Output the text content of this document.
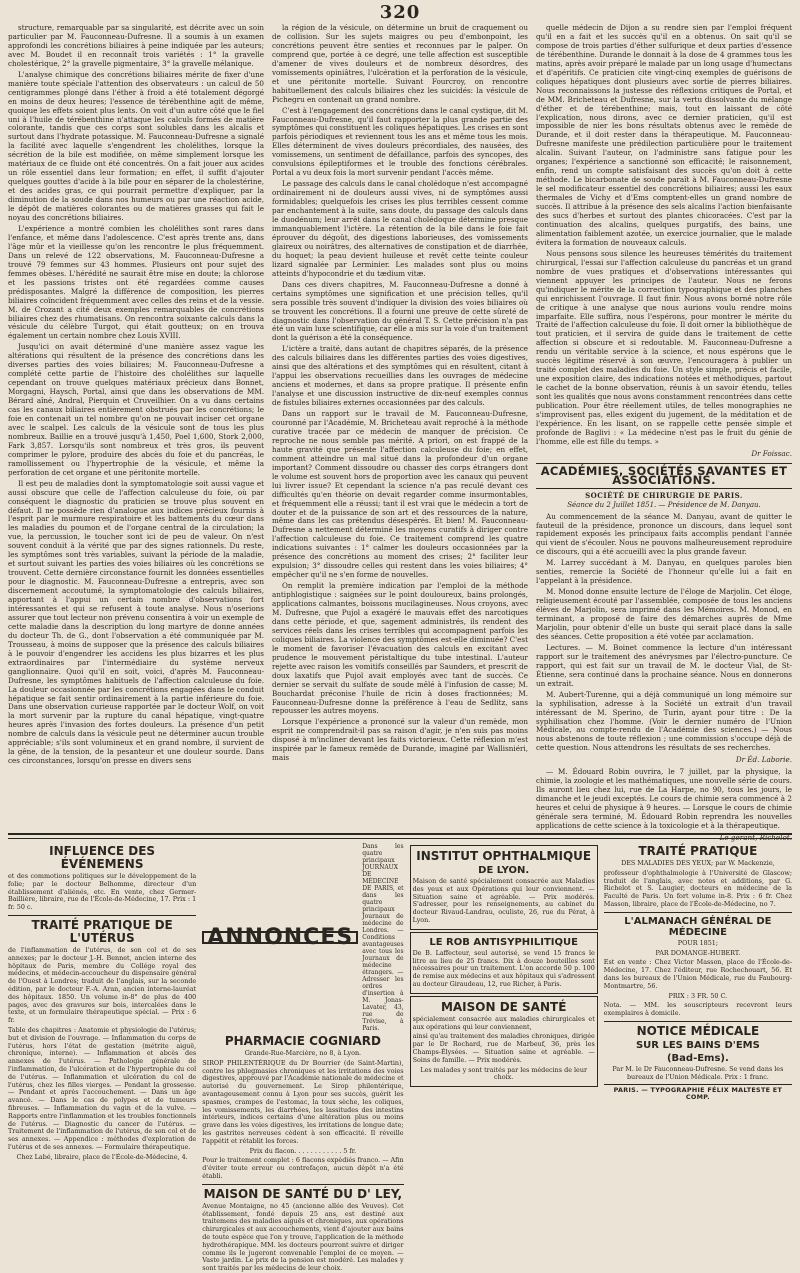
320

structure, remarquable par sa singularité, est décrite avec un soin particulier par M. Fauconneau-Dufresne. Il a soumis à un examen approfondi les concrétions biliaires à peine indiquée par les auteurs; avec M. Boudet il en reconnaît trois variétés : 1° la gravelle cholestérique, 2° la gravelle pigmentaire, 3° la gravelle mélanique.

L'analyse chimique des concrétions biliaires mérite de fixer d'une manière toute spéciale l'attention des observateurs : un calcul de 50 centigrammes plongé dans l'éther à froid a été totalement dégorgé en moins de deux heures; l'essence de térébenthine agit de même, quoique les effets soient plus lents. On voit d'un autre côté que le fiel uni à l'huile de térébenthine n'attaque les calculs formés de matière colorante, tandis que ces corps sont solubles dans les alcalis et surtout dans l'hydrate potassique. M. Fauconneau-Dufresne a signalé la facilité avec laquelle s'engendrent les cholélithes, lorsque la sécrétion de la bile est modifiée, on même simplement lorsque les matériaux de ce fluide ont été concentrés. On a fait jouer aux acides un rôle essentiel dans leur formation; en effet, il suffit d'ajouter quelques gouttes d'acide à la bile pour en séparer de la cholestérine, et des acides gras, ce qui pourrait permettre d'expliquer, par la diminution de la soude dans nos humeurs ou par une réaction acide, le dépôt de matières colorantes ou de matières grasses qui fait le noyau des concrétions biliaires.

L'expérience a montré combien les cholélithes sont rares dans l'enfance, et même dans l'adolescence. C'est après trente ans, dans l'âge mûr et la vieillesse qu'on les rencontre le plus fréquemment. Dans un relevé de 122 observations, M. Fauconneau-Dufresne a trouvé 79 femmes sur 43 hommes. Plusieurs ont pour sujet des femmes obèses. L'hérédité ne saurait être mise en doute; la chlorose et les passions tristes ont été regardées comme causes prédisposantes. Malgré la différence de composition, les pierres biliaires coïncident fréquemment avec celles des reins et de la vessie. M. de Crozant a cité deux exemples remarquables de concrétions biliaires chez des rhumatisans. On rencontra soixante calculs dans la vésicule du célèbre Turgot, qui était goutteux; on en trouva également un certain nombre chez Louis XVIII.

Jusqu'ici on avait déterminé d'une manière assez vague les altérations qui résultent de la présence des concrétions dans les diverses parties des voies biliaires; M. Fauconneau-Dufresne a complété cette partie de l'histoire des cholélithes sur laquelle cependant on trouve quelques matériaux précieux dans Bonnet, Morgagni, Haysch, Portal, ainsi que dans les observations de MM. Bérard aîné, Andral, Pierquin et Cruveilhier. On a vu dans certains cas les canaux biliaires entièrement obstrués par les concrétions; le foie en contenait un tel nombre qu'on ne pouvait inciser cet organe avec le scalpel. Les calculs de la vésicule sont de tous les plus nombreux. Baillie en a trouvé jusqu'à 1,450, Poel 1,600, Stork 2,000, Fark 3,857. Lorsqu'ils sont nombreux et très gros, ils peuvent comprimer le pylore, produire des abcès du foie et du pancréas, le ramollissement ou l'hypertrophie de la vésicule, et même la perforation de cet organe et une péritonite mortelle.

Il est peu de maladies dont la symptomatologie soit aussi vague et aussi obscure que celle de l'affection calculeuse du foie, où par conséquent le diagnostic du praticien se trouve plus souvent en défaut. Il ne possède rien d'analogue aux indices précieux fournis à l'esprit par le murmure respiratoire et les battements du cœur dans les maladies du poumon et de l'organe central de la circulation; la vue, la percussion, le toucher sont ici de peu de valeur. On n'est souvent conduit à la vérité que par des signes rationnels. Du reste, les symptômes sont très variables, suivant la période de la maladie, et surtout suivant les parties des voies biliaires où les concrétions se trouvent. Cette dernière circonstance fournit les données essentielles pour le diagnostic. M. Fauconneau-Dufresne a entrepris, avec son discernement accoutumé, la symptomatologie des calculs biliaires, apportant à l'appui un certain nombre d'observations fort intéressantes et qui se refusent à toute analyse. Nous n'oserions assurer que tout lecteur non prévenu consentira à voir un exemple de cette maladie dans la description du long martyre de donne années du docteur Th. de G., dont l'observation a été communiquée par M. Trousseau, à moins de supposer que la présence des calculs biliaires à le pouvoir d'engendrer les accidens les plus bizarres et les plus extraordinaires par l'intermédiaire du système nerveux ganglionnaire. Quoi qu'il en soit, voici, d'après M. Fauconneau-Dufresne, les symptômes habituels de l'affection calculeuse du foie. La douleur occasionnée par les concrétions engagées dans le conduit hépatique se fait sentir ordinairement à la partie inférieure du foie. Dans une observation curieuse rapportée par le docteur Wolf, on voit la mort survenir par la rupture du canal hépatique, vingt-quatre heures après l'invasion des fortes douleurs. La présence d'un petit nombre de calculs dans la vésicule peut ne déterminer aucun trouble appréciable; s'ils sont volumineux et en grand nombre, il survient de la gêne, de la tension, de la pesanteur et une douleur sourde. Dans ces circonstances, lorsqu'on presse en divers sens

la région de la vésicule, on détermine un bruit de craquement ou de collision. Sur les sujets maigres ou peu d'embonpoint, les concrétions peuvent être senties et reconnues par le palper. On comprend que, portée à ce degré, une telle affection est susceptible d'amener de vives douleurs et de nombreux désordres, des vomissements opiniâtres, l'ulcération et la perforation de la vésicule, et une péritonite mortelle. Suivant Fourcroy, on rencontre habituellement des calculs biliaires chez les suicidés: la vésicule de Pichegru en contenait un grand nombre.

C'est à l'engagement des concrétions dans le canal cystique, dit M. Fauconneau-Dufresne, qu'il faut rapporter la plus grande partie des symptômes qui constituent les coliques hépatiques. Les crises en sont parfois périodiques et reviennent tous les ans et même tous les mois. Elles déterminent de vives douleurs précordiales, des nausées, des vomissemens, un sentiment de défaillance, parfois des syncopes, des convulsions épileptiformes et le trouble des fonctions cérébrales. Portal a vu deux fois la mort survenir pendant l'accès même.

Le passage des calculs dans le canal cholédoque n'est accompagné ordinairement ni de douleurs aussi vives, ni de symptômes aussi formidables; quelquefois les crises les plus terribles cessent comme par enchantement à la suite, sans doute, du passage des calculs dans le duodénum; leur arrêt dans le canal cholédoque détermine presque immanquablement l'ictère. La rétention de la bile dans le foie fait éprouver du dégoût, des digestions laborieuses, des vomissements glaireux ou noirâtres, des alternatives de constipation et de diarrhée, du hoquet; la peau devient huileuse et revêt cette teinte couleur lizard signalée par Lerminier. Les malades sont plus ou moins atteints d'hypocondrie et du tædium vitæ.

Dans ces divers chapitres, M. Fauconneau-Dufresne a donné à certains symptômes une signification et une précision telles, qu'il sera possible très souvent d'indiquer la division des voies biliaires où se trouvent les concrétions. Il a fourni une preuve de cette sûreté de diagnostic dans l'observation du général T. S. Cette précision n'a pas été un vain luxe scientifique, car elle a mis sur la voie d'un traitement dont la guérison a été la conséquence.

L'ictère a traité, dans autant de chapitres séparés, de la présence des calculs biliaires dans les différentes parties des voies digestives, ainsi que des altérations et des symptômes qui en résultent, citant à l'appui les observations recueillies dans les ouvrages de médecine anciens et modernes, et dans sa propre pratique. Il présente enfin l'analyse et une discussion instructive de dix-neuf exemples connus de fistules biliaires externes occasionnées par des calculs.

Dans un rapport sur le travail de M. Fauconneau-Dufresne, couronné par l'Académie, M. Bricheteau avait reproché à la méthode curative tracée par ce médecin de manquer de précision. Ce reproche ne nous semble pas mérité. A priori, on est frappé de la haute gravité que présente l'affection calculeuse du foie; en effet, comment atteindre un mal situé dans la profondeur d'un organe important? Comment dissoudre ou chasser des corps étrangers dont le volume est souvent hors de proportion avec les canaux qui peuvent lui livrer issue? Et cependant la science n'a pas reculé devant ces difficultés qu'en théorie on devait regarder comme insurmontables, et fréquemment elle a réussi; tant il est vrai que le médecin a tort de douter et de la puissance de son art et des ressources de la nature, même dans les cas prétendus désespérés. Et bien! M. Fauconneau-Dufresne a nettement déterminé les moyens curatifs à diriger contre l'affection calculeuse du foie. Ce traitement comprend les quatre indications suivantes : 1° calmer les douleurs occasionnées par la présence des concrétions au moment des crises; 2° faciliter leur expulsion; 3° dissoudre celles qui restent dans les voies biliaires; 4° empêcher qu'il ne s'en forme de nouvelles.

On remplit la première indication par l'emploi de la méthode antiphlogistique : saignées sur le point douloureux, bains prolongés, applications calmantes, boissons mucilagineuses. Nous croyons, avec M. Dufresne, que Pujol a exagéré le mauvais effet des narcotiques dans cette période, et que, sagement administrés, ils rendent des services réels dans les crises terribles qui accompagnent parfois les coliques biliaires. La violence des symptômes est-elle diminuée? C'est le moment de favoriser l'évacuation des calculs en excitant avec prudence le mouvement péristaltique du tube intestinal. L'auteur rejette avec raison les vomitifs conseillés par Saunders, et prescrit de doux laxatifs que Pujol avait employés avec tant de succès. Ce dernier se servait du sulfate de soude mêlé à l'infusion de casse; M. Bouchardat préconise l'huile de ricin à doses fractionnées; M. Fauconneau-Dufresne donne la préférence à l'eau de Sedlitz, sans repousser les autres moyens.

Lorsque l'expérience a prononcé sur la valeur d'un remède, mon esprit ne comprendrait-il pas sa raison d'agir, je n'en suis pas moins disposé à m'incliner devant les faits victorieux. Cette réflexion m'est inspirée par le fameux remède de Durande, imaginé par Wallisniéri, mais

quelle médecin de Dijon a su rendre sien par l'emploi fréquent qu'il en a fait et les succès qu'il en a obtenus. On sait qu'il se compose de trois parties d'éther sulfurique et deux parties d'essence de térébenthine. Durande le donnait à la dose de 4 grammes tous les matins, après avoir préparé le malade par un long usage d'humectans et d'apéritifs. Ce praticien cite vingt-cinq exemples de guérisons de coliques hépatiques dont plusieurs avec sortie de pierres biliaires. Nous reconnaissons la justesse des réflexions critiques de Portal, et de MM. Bricheteau et Dufresne, sur la vertu dissolvante du mélange d'éther et de térébenthine; mais, tout en laissant de côté l'explication, nous dirons, avec ce dernier praticien, qu'il est impossible de nier les bons résultats obtenus avec le remède de Durande, et il doit rester dans la thérapeutique. M. Fauconneau-Dufresne manifeste une prédilection particulière pour le traitement alcalin. Suivant l'auteur, on l'administre sans fatigue pour les organes; l'expérience a sanctionné son efficacité; le raisonnement, enfin, rend un compte satisfaisant des succès qu'on doit à cette méthode. Le bicarbonate de soude paraît à M. Fauconneau-Dufresne le sel modificateur essentiel des concrétions biliaires; aussi les eaux thermales de Vichy et d'Ems comptent-elles un grand nombre de succès. Il attribue à la présence des sels alcalins l'action bienfaisante des sucs d'herbes et surtout des plantes chicoracées. C'est par la continuation des alcalins, quelques purgatifs, des bains, une alimentation faiblement azotée, un exercice journalier, que le malade évitera la formation de nouveaux calculs.

Nous pensons sous silence les heureuses témérités du traitement chirurgical, l'essai sur l'affection calculeuse du pancréas et un grand nombre de vues pratiques et d'observations intéressantes qui viennent appuyer les principes de l'auteur. Nous ne ferons qu'indiquer le mérite de la correction typographique et des planches qui enrichissent l'ouvrage. Il faut finir. Nous avons borné notre rôle de critique à une analyse que nous aurions voulu rendre moins imparfaite. Elle suffira, nous l'espérons, pour montrer le mérite du Traité de l'affection calculeuse du foie. Il doit orner la bibliothèque de tout praticien, et il servira de guide dans le traitement de cette affection si obscure et si redoutable. M. Fauconneau-Dufresne a rendu un véritable service à la science, et nous espérons que le succès légitime réservé à son œuvre, l'encouragera à publier un traité complet des maladies du foie. Un style simple, précis et facile, une exposition claire, des indications notées et méthodiques, partout le cachet de la bonne observation, réunis à un savoir étendu, telles sont les qualités que nous avons constamment rencontrées dans cette publication. Pour être réellement utiles, de telles monographies ne s'improvisent pas, elles exigent du jugement, de la méditation et de l'expérience. En les lisant, on se rappelle cette pensée simple et profonde de Baglivi : « La médecine n'est pas le fruit du génie de l'homme, elle est fille du temps. »

Dr Foissac.

ACADÉMIES, SOCIÉTÉS SAVANTES ET ASSOCIATIONS.
SOCIÉTÉ DE CHIRURGIE DE PARIS.
Séance du 2 Juillet 1851. — Présidence de M. Danyau.

Au commencement de la séance M. Danyau, avant de quitter le fauteuil de la présidence, prononce un discours, dans lequel sont rapidement exposés les principaux faits accomplis pendant l'année qui vient de s'écouler. Nous ne pouvons malheureusement reproduire ce discours, qui a été accueilli avec la plus grande faveur.

M. Larrey succédant à M. Danyau, en quelques paroles bien senties, remercie la Société de l'honneur qu'elle lui a fait en l'appelant à la présidence.

M. Monod donne ensuite lecture de l'éloge de Marjolin. Cet éloge, religieusement écouté par l'assemblée, composée de tous les anciens élèves de Marjolin, sera imprimé dans les Mémoires. M. Monod, en terminant, a proposé de faire des démarches auprès de Mme Marjolin, pour obtenir d'elle un buste qui serait placé dans la salle des séances. Cette proposition a été votée par acclamation.

Lectures. — M. Boinet commence la lecture d'un intéressant rapport sur le traitement des anévrysmes par l'électro-puncture. Ce rapport, qui est fait sur un travail de M. le docteur Vial, de St-Étienne, sera continué dans la prochaine séance. Nous en donnerons un extrait.

M. Aubert-Turenne, qui a déjà communiqué un long mémoire sur la syphilisation, adresse à la Société un extrait d'un travail intéressant de M. Sperino, de Turin, ayant pour titre : De la syphilisation chez l'homme. (Voir le dernier numéro de l'Union Médicale, au compte-rendu de l'Académie des sciences.) — Nous nous abstenons de toute réflexion ; une commission s'occupe déjà de cette question. Nous attendrons les résultats de ses recherches.

Dr Éd. Laborie.

— M. Édouard Robin ouvrira, le 7 juillet, par la physique, la chimie, la zoologie et les mathématiques, une nouvelle série de cours. Ils auront lieu chez lui, rue de La Harpe, no 90, tous les jours, le dimanche et le jeudi exceptés. Le cours de chimie sera commencé à 2 heures et celui de physique à 9 heures. — Lorsque le cours de chimie générale sera terminé, M. Édouard Robin reprendra les nouvelles applications de cette science à la toxicologie et à la thérapeutique.

Le gérant, Richelot.

INFLUENCE DES ÉVÉNEMENS

et des commotions politiques sur le développement de la folie; par le docteur Belhomme, directeur d'un établissement d'aliénés, etc. En vente, chez Germer-Baillière, libraire, rue de l'École-de-Médecine, 17. Prix : 1 fr. 50 c.

TRAITÉ PRATIQUE DE L'UTÉRUS

de l'inflammation de l'utérus, de son col et de ses annexes; par le docteur J.-H. Bennet, ancien interne des hôpitaux de Paris, membre du Collége royal des médecins, et médecin-accoucheur du dispensaire général de l'Ouest à Londres; traduit de l'anglais, sur la seconde édition, par le docteur F.-A. Aran, ancien interne-lauréat des hôpitaux. 1850. Un volume in-8° de plus de 400 pages, avec des gravures sur bois, intercalées dans le texte, et un formulaire thérapeutique spécial. — Prix : 6 fr.

Table des chapitres : Anatomie et physiologie de l'utérus; but et division de l'ouvrage. — Inflammation du corps de l'utérus, hors l'état de gestation (métrite aiguë, chronique, interne). — Inflammation et abcès des annexes de l'utérus. — Pathologie générale de l'inflammation, de l'ulcération et de l'hypertrophie du col de l'utérus. — Inflammation et ulcération du col de l'utérus, chez les filles vierges. — Pendant la grossesse. — Pendant et après l'accouchement. — Dans un âge avancé. — Dans le cas de polypes et de tumeurs fibreuses. — Inflammation du vagin et de la vulve. — Rapports entre l'inflammation et les troubles fonctionnels de l'utérus. — Diagnostic du cancer de l'utérus. — Traitement de l'inflammation de l'utérus, de son col et de ses annexes. — Appendice : méthodes d'exploration de l'utérus et de ses annexes. — Formulaire thérapeutique.

Chez Labé, libraire, place de l'École-de-Médecine, 4.

ANNONCES
Dans les quatre principaux JOURNAUX DE MÉDECINE DE PARIS, et dans les quatre principaux Journaux de médecine de Londres. — Conditions avantageuses avec tous les Journaux de médecine étrangers. — Adresser les ordres d'insertion à M. Jonas-Lavater, 43, rue de Trévise, à Paris.
PHARMACIE COGNIARD

Grande-Rue-Marcière, no 8, à Lyon.

SIROP PHILENTÉRIQUE du Dr Bourrier (de Saint-Martin), contre les phlegmasies chroniques et les irritations des voies digestives, approuvé par l'Académie nationale de médecine et autorisé du gouvernement. Le Sirop philentérique, avantageusement connu à Lyon pour ses succès, guérit les spasmes, crampes de l'estomac, la toux sèche, les coliques, les vomissements, les diarrhées, les lassitudes des intestins intérieurs, indices certains d'une altération plus ou moins grave dans les voies digestives, les irritations de longue date; les gastrites nerveuses cèdent à son efficacité. Il réveille l'appétit et rétablit les forces.

Prix du flacon. . . . . . . . . . . . 5 fr.

Pour le traitement complet : 6 flacons expédiés franco. — Afin d'éviter toute erreur ou contrefaçon, aucun dépôt n'a été établi.

MAISON DE SANTÉ DU D' LEY,

Avenue Montaigne, no 45 (ancienne allée des Veuves). Cet établissement, fondé depuis 25 ans, est destiné aux traitemens des maladies aiguës et chroniques, aux opérations chirurgicales et aux accouchements, vient d'ajouter aux bains de toute espèce que l'on y trouve, l'application de la méthode hydrothérapique. MM. les docteurs pourront suivre et diriger comme ils le jugeront convenable l'emploi de ce moyen. — Vaste jardin. Le prix de la pension est modéré. Les malades y sont traités par les médecins de leur choix.

INSTITUT OPHTHALMIQUE
DE LYON.

Maison de santé spécialement consacrée aux Maladies des yeux et aux Opérations qui leur conviennent. — Situation saine et agréable. — Prix modérés. S'adresser, pour les renseignements, au cabinet du docteur Rivaud-Landrau, oculiste, 26, rue du Pérat, à Lyon.

LE ROB ANTISYPHILITIQUE

De B. Laffecteur, seul autorisé, se vend 15 francs le litre au lieu de 25 francs. Dix à douze bouteilles sont nécessaires pour un traitement. L'on accorde 50 p. 100 de remise aux médecins et aux hôpitaux qui s'adressent au docteur Giraudeau, 12, rue Richer, à Paris.

MAISON DE SANTÉ

spécialement consacrée aux maladies chirurgicales et aux opérations qui leur conviennent,

ainsi qu'au traitement des maladies chroniques, dirigée par le Dr Rochard, rue de Marbeuf, 36, près les Champs-Élysées. — Situation saine et agréable. — Soins de famille. — Prix modérés.

Les malades y sont traités par les médecins de leur choix.

TRAITÉ PRATIQUE

DES MALADIES DES YEUX; par W. Mackenzie,

professeur d'ophthalmologie à l'Université de Glascow; traduit de l'anglais, avec notes et additions, par G. Richelot et S. Laugier, docteurs en médecine de la Faculté de Paris. Un fort volume in-8. Prix : 6 fr. Chez Masson, libraire, place de l'École-de-Médecine, no 7.

L'ALMANACH GÉNÉRAL DE MÉDECINE

POUR 1851;

PAR DOMANGE-HUBERT.

Est en vente : Chez Victor Masson, place de l'École-de-Médecine, 17. Chez l'éditeur, rue Rochechouart, 56. Et dans les bureaux de l'Union Médicale, rue du Faubourg-Montmartre, 56.

PRIX : 3 FR. 50 C.

Nota. — MM. les souscripteurs recevront leurs exemplaires à domicile.

NOTICE MÉDICALE
SUR LES BAINS D'EMS
(Bad-Ems).

Par M. le Dr Fauconneau-Dufresne. Se vend dans les bureaux de l'Union Médicale. Prix : 1 franc.

PARIS. — TYPOGRAPHIE FÉLIX MALTESTE ET COMP.
